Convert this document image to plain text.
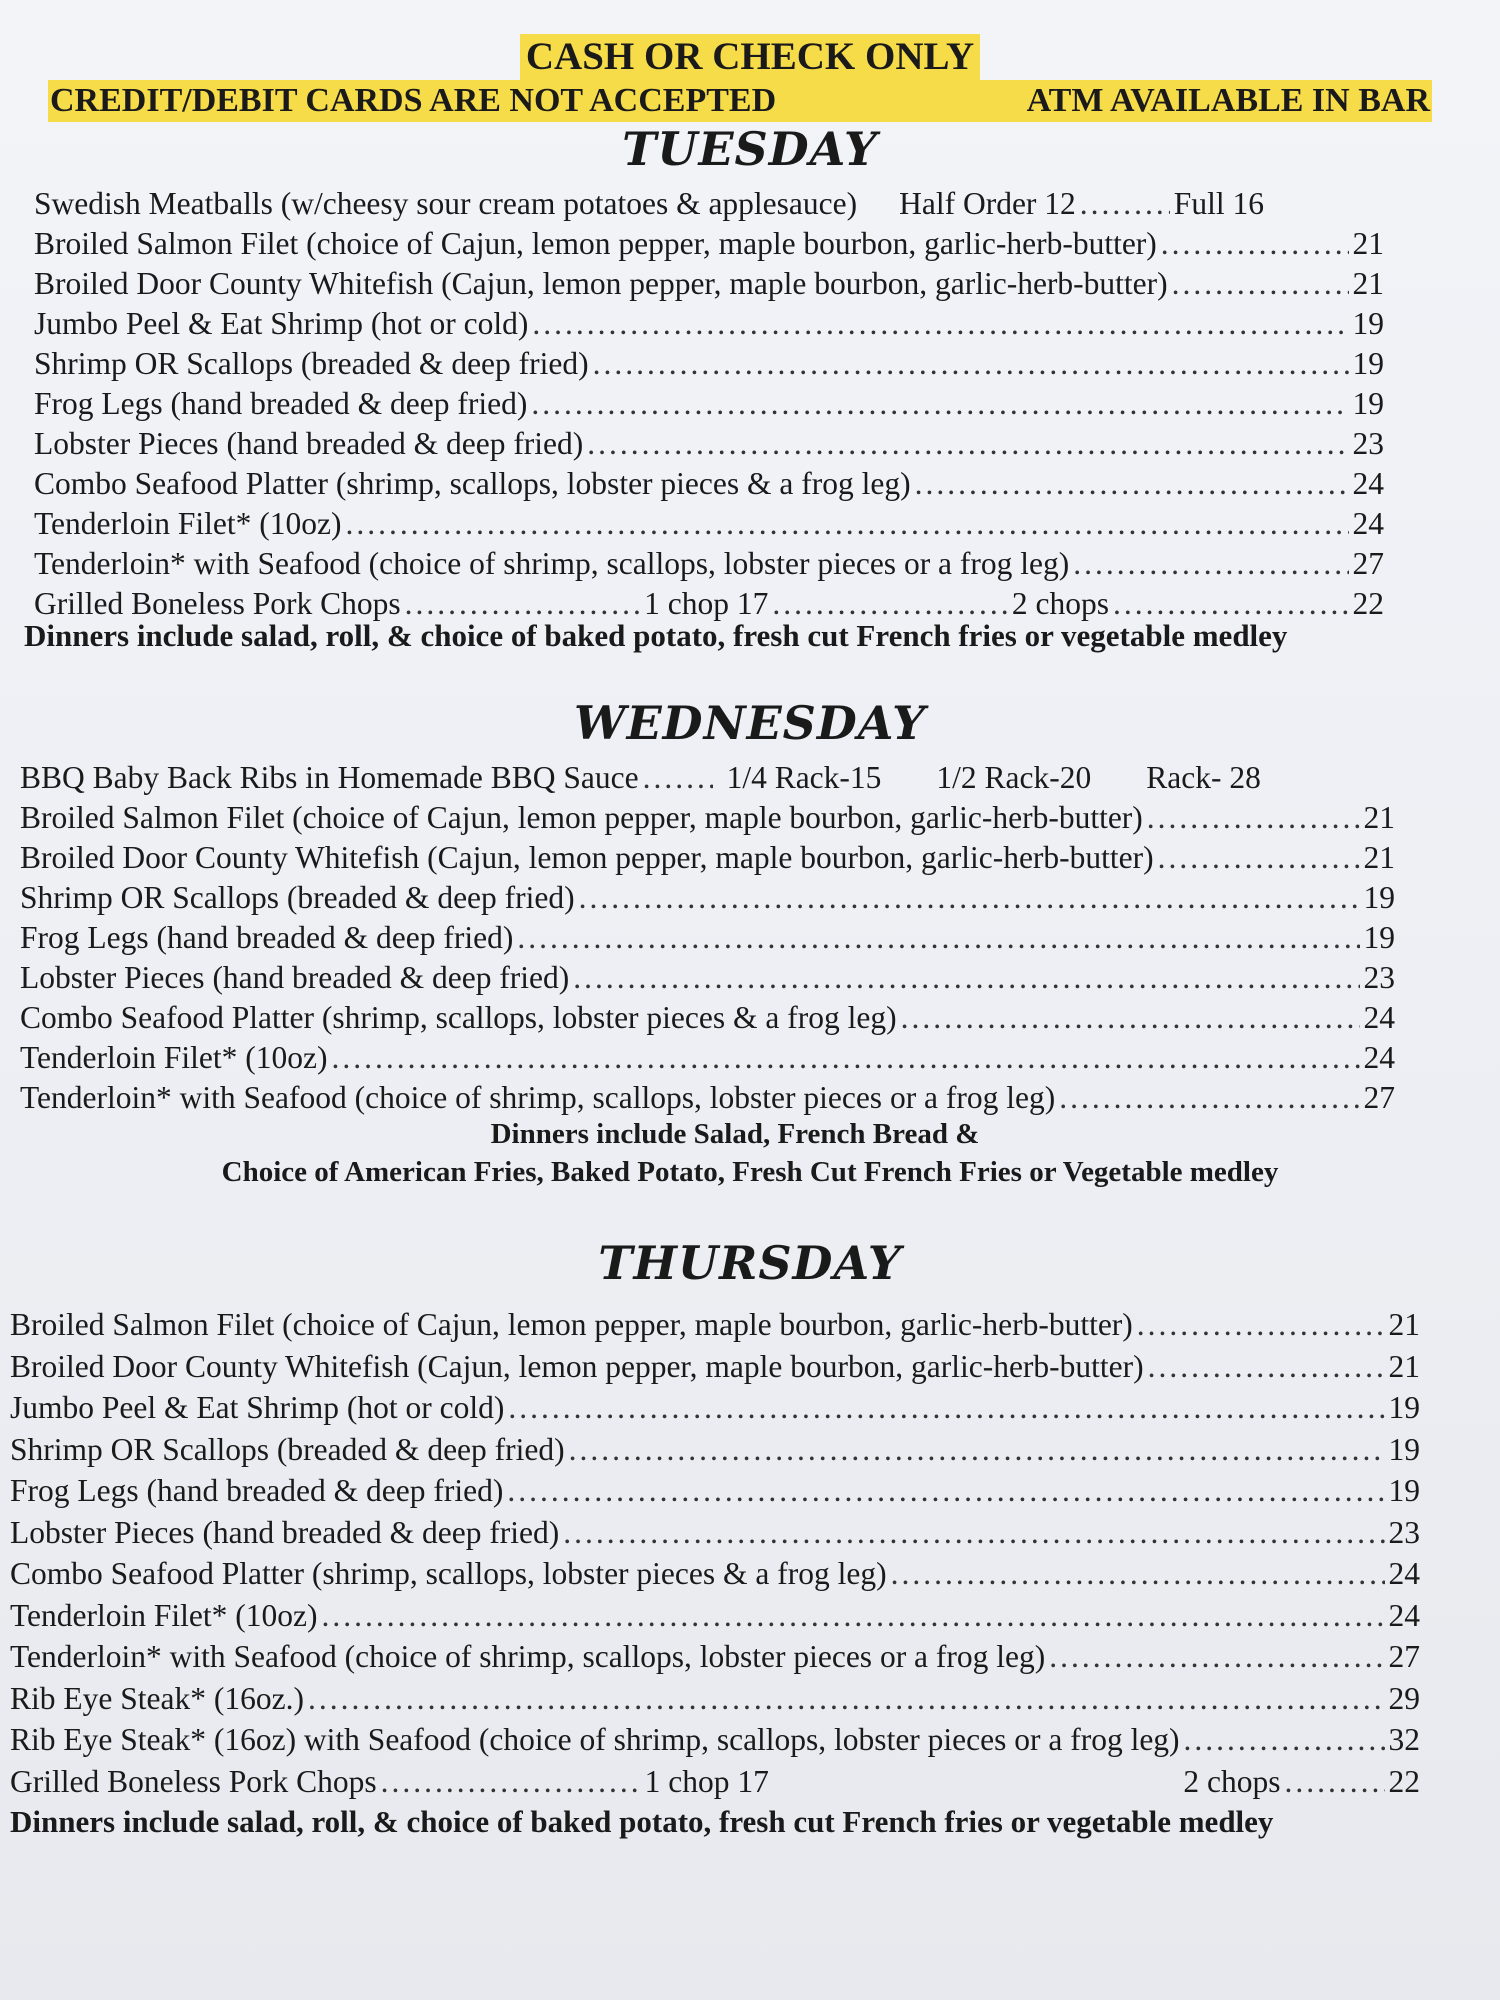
CASH OR CHECK ONLY
CREDIT/DEBIT CARDS ARE NOT ACCEPTED	ATM AVAILABLE IN BAR
TUESDAY
Swedish Meatballs (w/cheesy sour cream potatoes & applesauce) Half Order 12 .....	Full 16
Broiled Salmon Filet (choice of Cajun, lemon pepper, maple bourbon, garlic-herb-butter) .....	21
Broiled Door County Whitefish (Cajun, lemon pepper, maple bourbon, garlic-herb-butter) .....	21
Jumbo Peel & Eat Shrimp (hot or cold) .....	19
Shrimp OR Scallops (breaded & deep fried) .....	19
Frog Legs (hand breaded & deep fried) .....	19
Lobster Pieces (hand breaded & deep fried) .....	23
Combo Seafood Platter (shrimp, scallops, lobster pieces & a frog leg) .....	24
Tenderloin Filet* (10oz) .....	24
Tenderloin* with Seafood (choice of shrimp, scallops, lobster pieces or a frog leg) .....	27
Grilled Boneless Pork Chops .....	1 chop 17 .....	2 chops .....	22
Dinners include salad, roll, & choice of baked potato, fresh cut French fries or vegetable medley
WEDNESDAY
BBQ Baby Back Ribs in Homemade BBQ Sauce .....	1/4 Rack-15 1/2 Rack-20 Rack- 28
Broiled Salmon Filet (choice of Cajun, lemon pepper, maple bourbon, garlic-herb-butter) .....	21
Broiled Door County Whitefish (Cajun, lemon pepper, maple bourbon, garlic-herb-butter) .....	21
Shrimp OR Scallops (breaded & deep fried) .....	19
Frog Legs (hand breaded & deep fried) .....	19
Lobster Pieces (hand breaded & deep fried) .....	23
Combo Seafood Platter (shrimp, scallops, lobster pieces & a frog leg) .....	24
Tenderloin Filet* (10oz) .....	24
Tenderloin* with Seafood (choice of shrimp, scallops, lobster pieces or a frog leg) .....	27
Dinners include Salad, French Bread &
Choice of American Fries, Baked Potato, Fresh Cut French Fries or Vegetable medley
THURSDAY
Broiled Salmon Filet (choice of Cajun, lemon pepper, maple bourbon, garlic-herb-butter) .....	21
Broiled Door County Whitefish (Cajun, lemon pepper, maple bourbon, garlic-herb-butter) .....	21
Jumbo Peel & Eat Shrimp (hot or cold) .....	19
Shrimp OR Scallops (breaded & deep fried) .....	19
Frog Legs (hand breaded & deep fried) .....	19
Lobster Pieces (hand breaded & deep fried) .....	23
Combo Seafood Platter (shrimp, scallops, lobster pieces & a frog leg) .....	24
Tenderloin Filet* (10oz) .....	24
Tenderloin* with Seafood (choice of shrimp, scallops, lobster pieces or a frog leg) .....	27
Rib Eye Steak* (16oz.) .....	29
Rib Eye Steak* (16oz) with Seafood (choice of shrimp, scallops, lobster pieces or a frog leg) .....	32
Grilled Boneless Pork Chops .....	1 chop 17	2 chops .....	22
Dinners include salad, roll, & choice of baked potato, fresh cut French fries or vegetable medley
